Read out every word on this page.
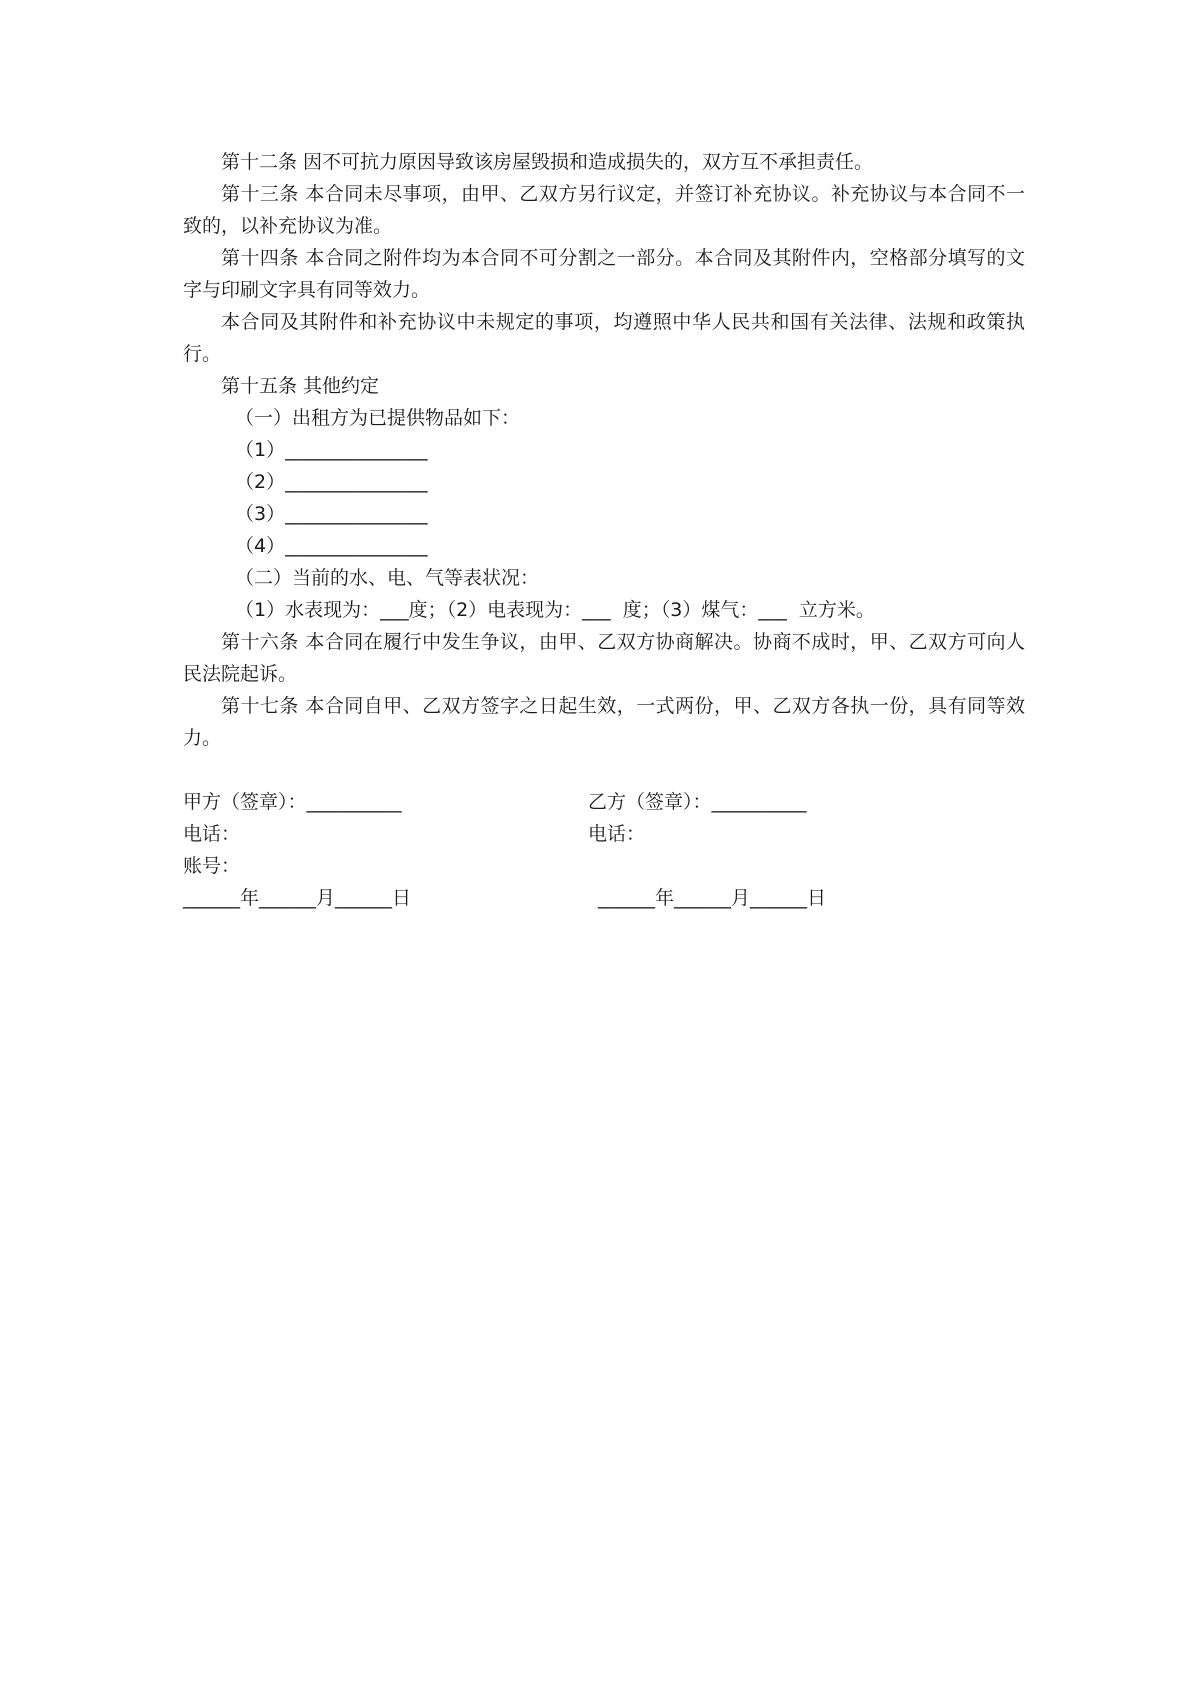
第十二条 因不可抗力原因导致该房屋毁损和造成损失的，双方互不承担责任。

第十三条 本合同未尽事项，由甲、乙双方另行议定，并签订补充协议。补充协议与本合同不一致的，以补充协议为准。

第十四条 本合同之附件均为本合同不可分割之一部分。本合同及其附件内，空格部分填写的文字与印刷文字具有同等效力。

本合同及其附件和补充协议中未规定的事项，均遵照中华人民共和国有关法律、法规和政策执行。

第十五条 其他约定

（一）出租方为已提供物品如下：

（1）_______________

（2）_______________

（3）_______________

（4）_______________

（二）当前的水、电、气等表状况：

（1）水表现为：___度；（2）电表现为：___  度；（3）煤气：___  立方米。

第十六条 本合同在履行中发生争议，由甲、乙双方协商解决。协商不成时，甲、乙双方可向人民法院起诉。

第十七条 本合同自甲、乙双方签字之日起生效，一式两份，甲、乙双方各执一份，具有同等效力。

甲方（签章）：__________	乙方（签章）：__________
电话：	电话：
账号：
______年______月______日	______年______月______日
